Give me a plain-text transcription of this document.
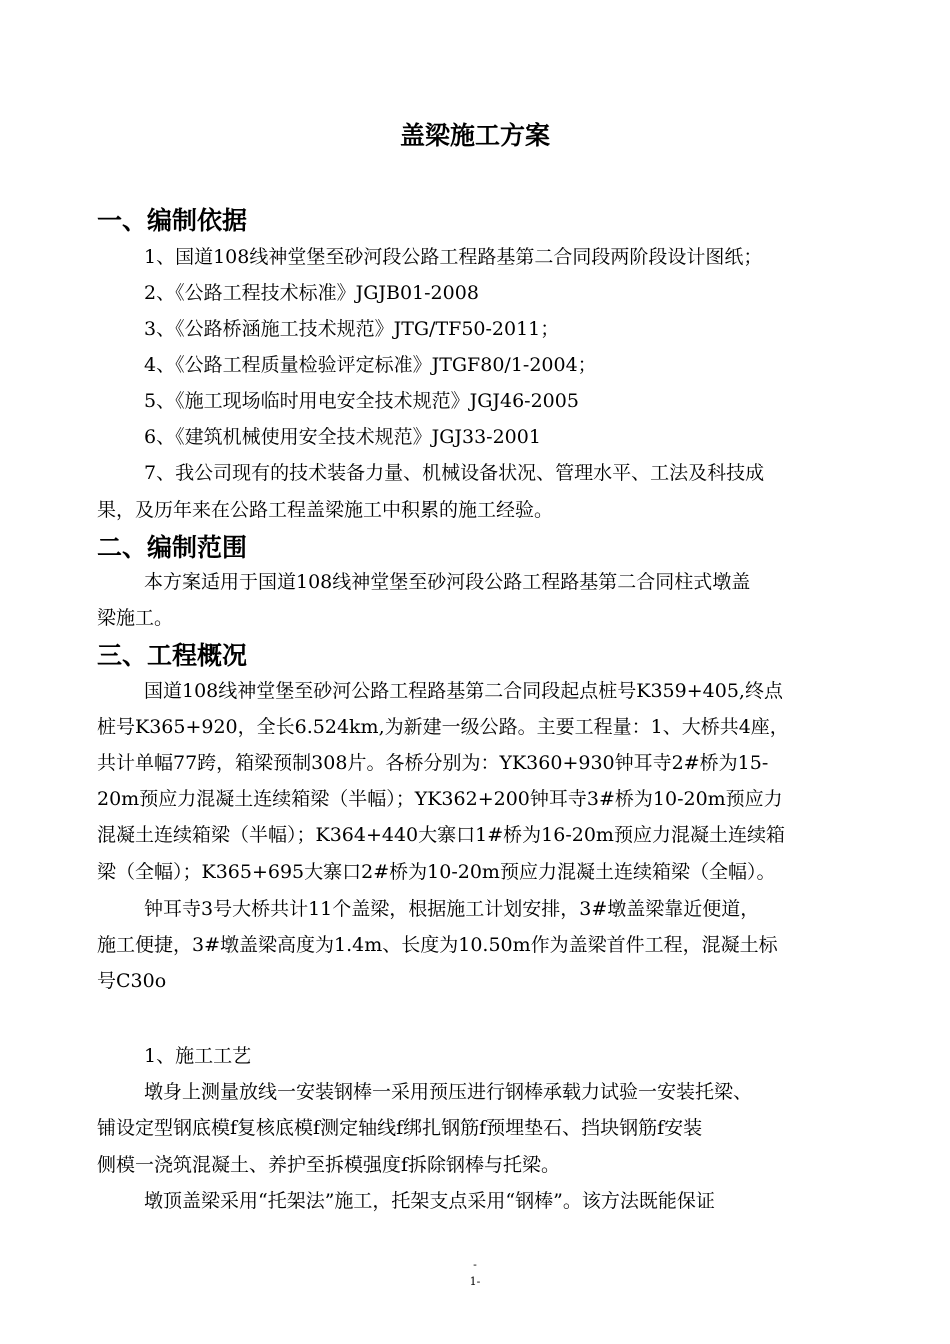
盖梁施工方案
一、编制依据
1、国道108线神堂堡至砂河段公路工程路基第二合同段两阶段设计图纸；
2、《公路工程技术标准》JGJB01-2008
3、《公路桥涵施工技术规范》JTG/TF50-2011；
4、《公路工程质量检验评定标准》JTGF80/1-2004；
5、《施工现场临时用电安全技术规范》JGJ46-2005
6、《建筑机械使用安全技术规范》JGJ33-2001
7、我公司现有的技术装备力量、机械设备状况、管理水平、工法及科技成
果，及历年来在公路工程盖梁施工中积累的施工经验。
二、编制范围
本方案适用于国道108线神堂堡至砂河段公路工程路基第二合同柱式墩盖
梁施工。
三、工程概况
国道108线神堂堡至砂河公路工程路基第二合同段起点桩号K359+405,终点
桩号K365+920，全长6.524km,为新建一级公路。主要工程量：1、大桥共4座，
共计单幅77跨，箱梁预制308片。各桥分别为：YK360+930钟耳寺2#桥为15-
20m预应力混凝土连续箱梁（半幅）；YK362+200钟耳寺3#桥为10-20m预应力
混凝土连续箱梁（半幅）；K364+440大寨口1#桥为16-20m预应力混凝土连续箱
梁（全幅）；K365+695大寨口2#桥为10-20m预应力混凝土连续箱梁（全幅）。
钟耳寺3号大桥共计11个盖梁，根据施工计划安排，3#墩盖梁靠近便道，
施工便捷，3#墩盖梁高度为1.4m、长度为10.50m作为盖梁首件工程，混凝土标
号C30o
1、施工工艺
墩身上测量放线一安装钢棒一采用预压进行钢棒承载力试验一安装托梁、
铺设定型钢底模f复核底模f测定轴线f绑扎钢筋f预埋垫石、挡块钢筋f安装
侧模一浇筑混凝土、养护至拆模强度f拆除钢棒与托梁。
墩顶盖梁采用“托架法”施工，托架支点采用“钢棒”。该方法既能保证
-
1-
